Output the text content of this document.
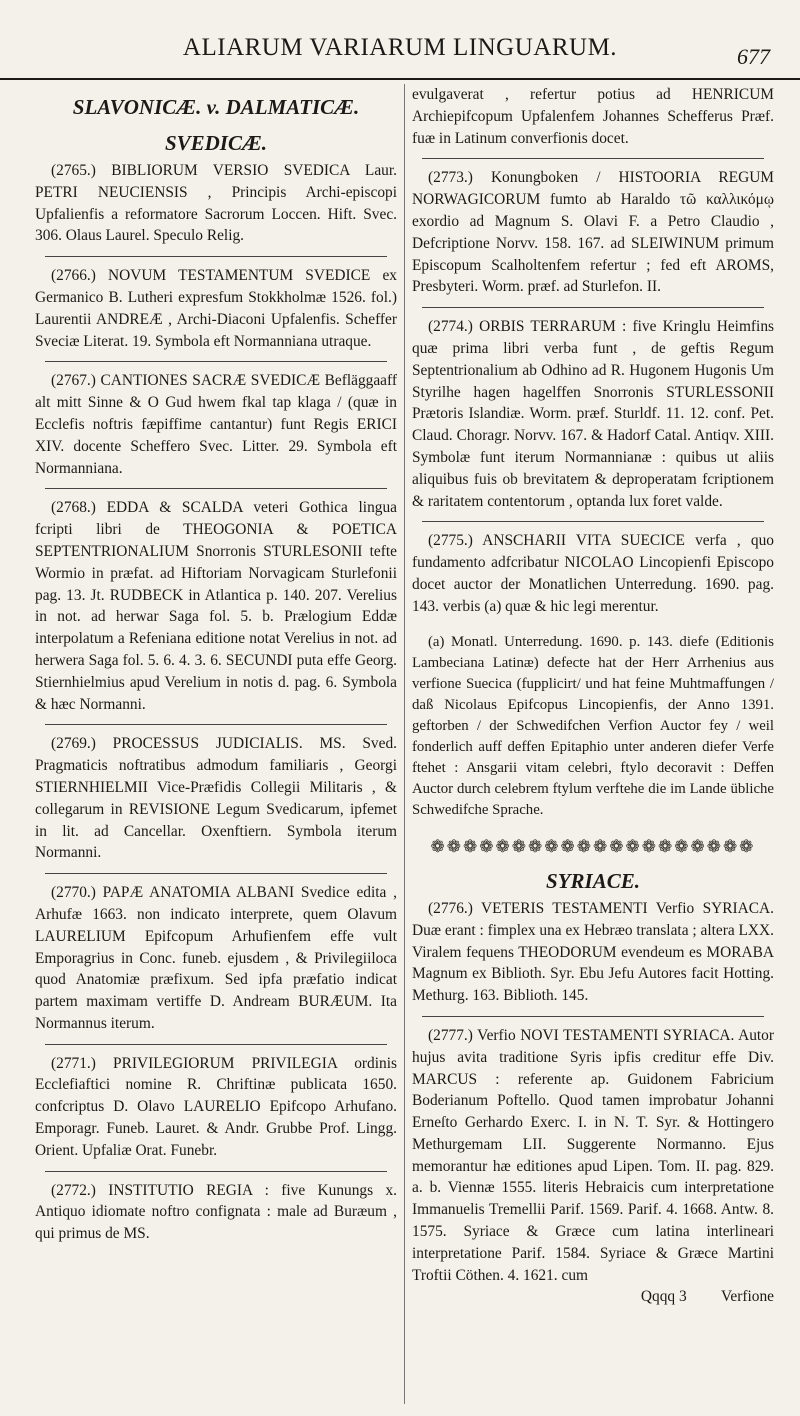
ALIARUM VARIARUM LINGUARUM.	677
SLAVONICÆ. v. DALMATICÆ.
SVEDICÆ.

(2765.) BIBLIORUM VERSIO SVEDICA Laur. PETRI NEUCIENSIS , Principis Archi-episcopi Upfalienfis a reformatore Sacrorum Loccen. Hift. Svec. 306. Olaus Laurel. Speculo Relig.

(2766.) NOVUM TESTAMENTUM SVEDICE ex Germanico B. Lutheri expresfum Stokkholmæ 1526. fol.) Laurentii ANDREÆ , Archi-Diaconi Upfalenfis. Scheffer Sveciæ Literat. 19. Symbola eft Normanniana utraque.

(2767.) CANTIONES SACRÆ SVEDICÆ Befläggaaff alt mitt Sinne & O Gud hwem fkal tap klaga / (quæ in Ecclefis noftris fæpiffime cantantur) funt Regis ERICI XIV. docente Scheffero Svec. Litter. 29. Symbola eft Normanniana.

(2768.) EDDA & SCALDA veteri Gothica lingua fcripti libri de THEOGONIA & POETICA SEPTENTRIONALIUM Snorronis STURLESONII tefte Wormio in præfat. ad Hiftoriam Norvagicam Sturlefonii pag. 13. Jt. RUDBECK in Atlantica p. 140. 207. Verelius in not. ad herwar Saga fol. 5. b. Prælogium Eddæ interpolatum a Refeniana editione notat Verelius in not. ad herwera Saga fol. 5. 6. 4. 3. 6. SECUNDI puta effe Georg. Stiernhielmius apud Verelium in notis d. pag. 6. Symbola & hæc Normanni.

(2769.) PROCESSUS JUDICIALIS. MS. Sved. Pragmaticis noftratibus admodum familiaris , Georgi STIERNHIELMII Vice-Præfidis Collegii Militaris , & collegarum in REVISIONE Legum Svedicarum, ipfemet in lit. ad Cancellar. Oxenftiern. Symbola iterum Normanni.

(2770.) PAPÆ ANATOMIA ALBANI Svedice edita , Arhufæ 1663. non indicato interprete, quem Olavum LAURELIUM Epifcopum Arhufienfem effe vult Emporagrius in Conc. funeb. ejusdem , & Privilegiiloca quod Anatomiæ præfixum. Sed ipfa præfatio indicat partem maximam vertiffe D. Andream BURÆUM. Ita Normannus iterum.

(2771.) PRIVILEGIORUM PRIVILEGIA ordinis Ecclefiaftici nomine R. Chriftinæ publicata 1650. confcriptus D. Olavo LAURELIO Epifcopo Arhufano. Emporagr. Funeb. Lauret. & Andr. Grubbe Prof. Lingg. Orient. Upfaliæ Orat. Funebr.

(2772.) INSTITUTIO REGIA : five Kunungs x. Antiquo idiomate noftro confignata : male ad Buræum , qui primus de MS.

evulgaverat , refertur potius ad HENRICUM Archiepifcopum Upfalenfem Johannes Schefferus Præf. fuæ in Latinum converfionis docet.

(2773.) Konungboken / HISTOORIA REGUM NORWAGICORUM fumto ab Haraldo τῶ καλλικόμῳ exordio ad Magnum S. Olavi F. a Petro Claudio , Defcriptione Norvv. 158. 167. ad SLEIWINUM primum Episcopum Scalholtenfem refertur ; fed eft AROMS, Presbyteri. Worm. præf. ad Sturlefon. II.

(2774.) ORBIS TERRARUM : five Kringlu Heimfins quæ prima libri verba funt , de geftis Regum Septentrionalium ab Odhino ad R. Hugonem Hugonis Um Styrilhe hagen hagelffen Snorronis STURLESSONII Prætoris Islandiæ. Worm. præf. Sturldf. 11. 12. conf. Pet. Claud. Choragr. Norvv. 167. & Hadorf Catal. Antiqv. XIII. Symbolæ funt iterum Normannianæ : quibus ut aliis aliquibus fuis ob brevitatem & deproperatam fcriptionem & raritatem contentorum , optanda lux foret valde.

(2775.) ANSCHARII VITA SUECICE verfa , quo fundamento adfcribatur NICOLAO Lincopienfi Episcopo docet auctor der Monatlichen Unterredung. 1690. pag. 143. verbis (a) quæ & hic legi merentur.

(a) Monatl. Unterredung. 1690. p. 143. diefe (Editionis Lambeciana Latinæ) defecte hat der Herr Arrhenius aus verfione Suecica (fupplicirt/ und hat feine Muhtmaffungen / daß Nicolaus Epifcopus Lincopienfis, der Anno 1391. geftorben / der Schwedifchen Verfion Auctor fey / weil fonderlich auff deffen Epitaphio unter anderen diefer Verfe ftehet : Ansgarii vitam celebri, ftylo decoravit : Deffen Auctor durch celebrem ftylum verftehe die im Lande übliche Schwedifche Sprache.

❁❁❁❁❁❁❁❁❁❁❁❁❁❁❁❁❁❁❁❁
SYRIACE.

(2776.) VETERIS TESTAMENTI Verfio SYRIACA. Duæ erant : fimplex una ex Hebræo translata ; altera LXX. Viralem fequens THEODORUM evendeum es MORABA Magnum ex Biblioth. Syr. Ebu Jefu Autores facit Hotting. Methurg. 163. Biblioth. 145.

(2777.) Verfio NOVI TESTAMENTI SYRIACA. Autor hujus avita traditione Syris ipfis creditur effe Div. MARCUS : referente ap. Guidonem Fabricium Boderianum Poftello. Quod tamen improbatur Johanni Erneſto Gerhardo Exerc. I. in N. T. Syr. & Hottingero Methurgemam LII. Suggerente Normanno. Ejus memorantur hæ editiones apud Lipen. Tom. II. pag. 829. a. b. Viennæ 1555. literis Hebraicis cum interpretatione Immanuelis Tremellii Parif. 1569. Parif. 4. 1668. Antw. 8. 1575. Syriace & Græce cum latina interlineari interpretatione Parif. 1584. Syriace & Græce Martini Troftii Cöthen. 4. 1621. cum

Qqqq 3 Verfione
